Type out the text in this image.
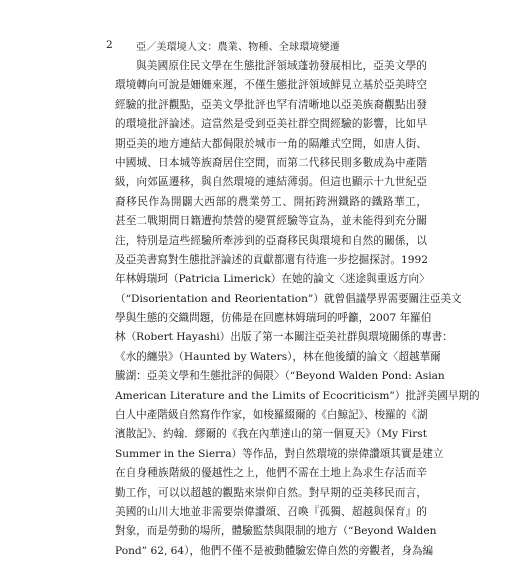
2	亞／美環境人文：農業、物種、全球環境變遷
與美國原住民文學在生態批評領域蓬勃發展相比，亞美文學的
環境轉向可說是姍姍來遲，不僅生態批評領域鮮見立基於亞美時空
經驗的批評觀點，亞美文學批評也罕有清晰地以亞美族裔觀點出發
的環境批評論述。這當然是受到亞美社群空間經驗的影響，比如早
期亞美的地方連結大都侷限於城市一角的隔離式空間，如唐人街、
中國城、日本城等族裔居住空間，而第二代移民則多數成為中產階
級，向郊區遷移，與自然環境的連結薄弱。但這也顯示十九世紀亞
裔移民作為開闢大西部的農業勞工、開拓跨洲鐵路的鐵路華工，
甚至二戰期間日籍遭拘禁營的變質經驗等宣為，並未能得到充分關
注，特別是這些經驗所牽涉到的亞裔移民與環境和自然的關係，以
及亞美書寫對生態批評論述的貢獻都還有待進一步挖掘探討。1992
年林姆瑞珂（Patricia Limerick）在她的論文〈迷途與重返方向〉
（“Disorientation and Reorientation”）就曾倡議學界需要關注亞美文
學與生態的交織問題，仿佛是在回應林姆瑞珂的呼籲，2007 年羅伯
林（Robert Hayashi）出版了第一本關注亞美社群與環境關係的專書：
《水的纏祟》（Haunted by Waters），林在他後續的論文〈超越華爾
騰湖：亞美文學和生態批評的侷限〉（“Beyond Walden Pond: Asian
American Literature and the Limits of Ecocriticism”）批評美國早期的
白人中產階級自然寫作作家，如梭羅綴爾的《白鯨記》、梭羅的《湖
濱散記》、約翰．繆爾的《我在內華達山的第一個夏天》（My First
Summer in the Sierra）等作品，對自然環境的崇偉讚頌其實是建立
在自身種族階級的優越性之上，他們不需在土地上為求生存活而辛
勤工作，可以以超越的觀點來崇仰自然。對早期的亞美移民而言，
美國的山川大地並非需要崇偉讚頌、召喚『孤獨、超越與保育』的
對象，而是勞動的場所，體驗監禁與限制的地方（“Beyond Walden
Pond” 62, 64），他們不僅不是被動體驗宏偉自然的旁觀者，身為編
